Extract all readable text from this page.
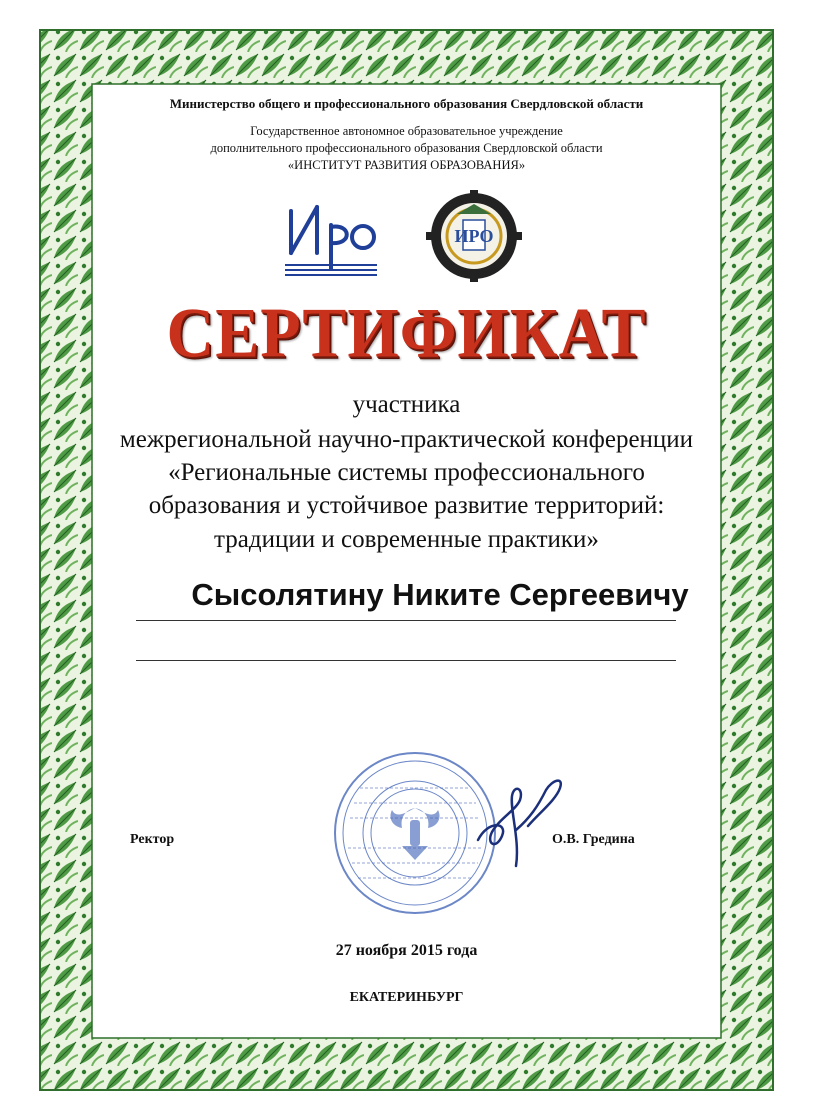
Министерство общего и профессионального образования Свердловской области
Государственное автономное образовательное учреждение
дополнительного профессионального образования Свердловской области
«ИНСТИТУТ РАЗВИТИЯ ОБРАЗОВАНИЯ»
ИРО
СЕРТИФИКАТ
участника
межрегиональной научно-практической конференции
«Региональные системы профессионального
образования и устойчивое развитие территорий:
традиции и современные практики»
Сысолятину Никите Сергеевичу
Ректор	О.В. Гредина
27 ноября 2015 года
ЕКАТЕРИНБУРГ
